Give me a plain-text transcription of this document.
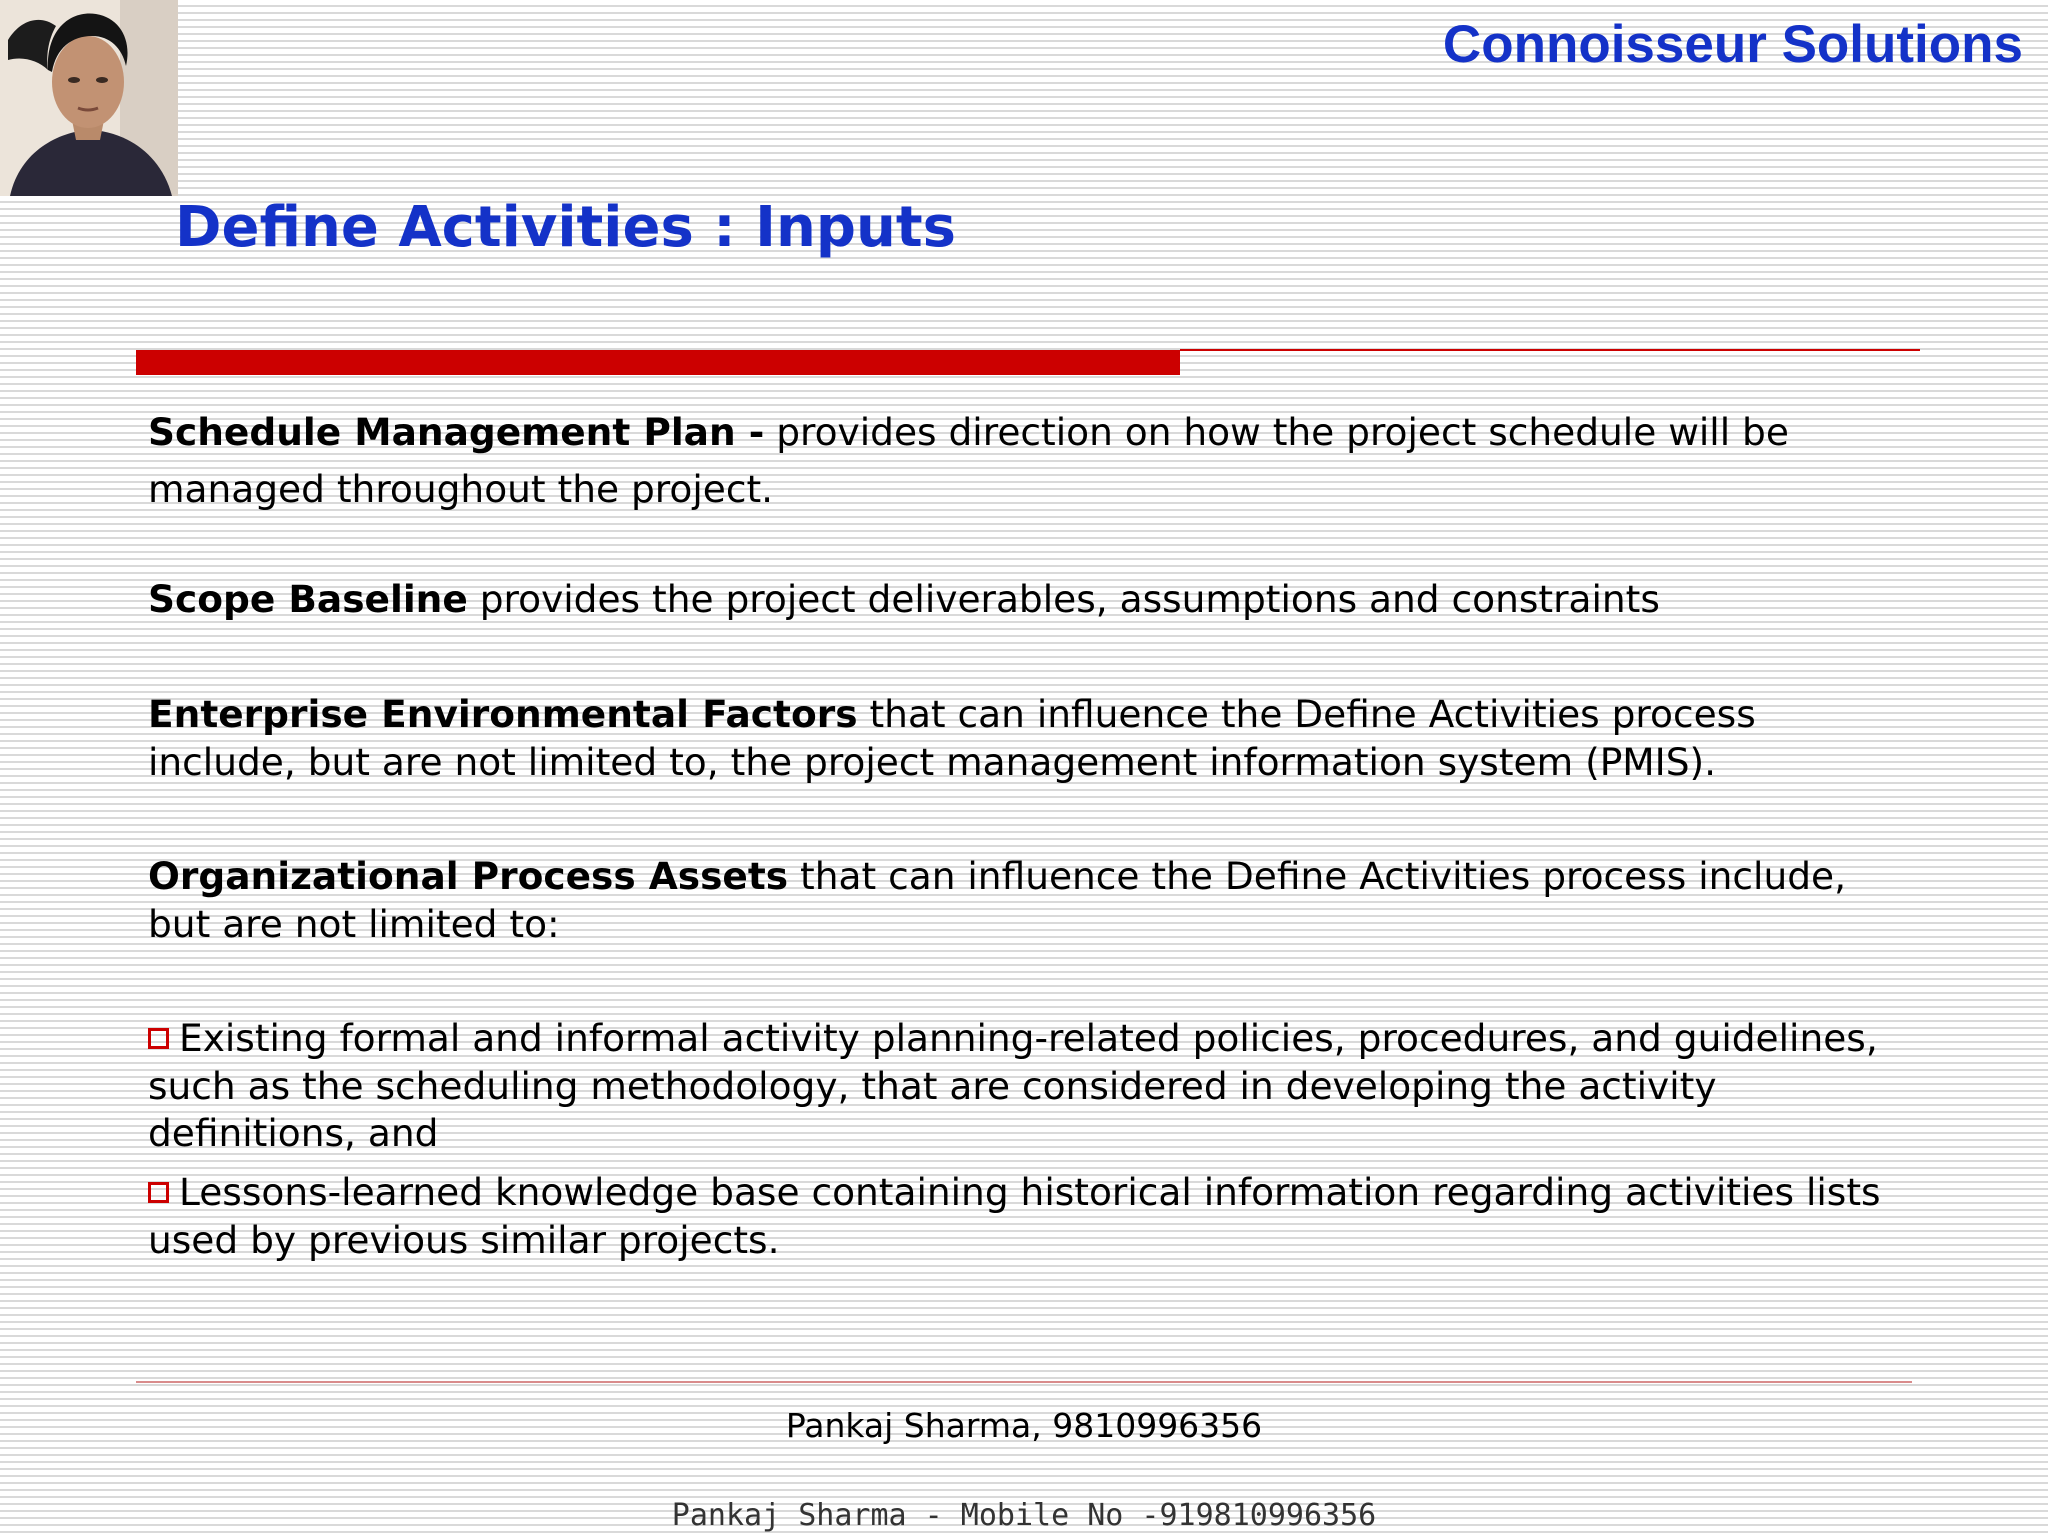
Connoisseur Solutions
Define Activities : Inputs
Schedule Management Plan - provides direction on how the project schedule will be managed throughout the project.
Scope Baseline provides the project deliverables, assumptions and constraints
Enterprise Environmental Factors that can influence the Define Activities process include, but are not limited to, the project management information system (PMIS).
Organizational Process Assets that can influence the Define Activities process include, but are not limited to:
Existing formal and informal activity planning-related policies, procedures, and guidelines, such as the scheduling methodology, that are considered in developing the activity definitions, and
Lessons-learned knowledge base containing historical information regarding activities lists used by previous similar projects.
Pankaj Sharma, 9810996356
Pankaj Sharma - Mobile No -919810996356
